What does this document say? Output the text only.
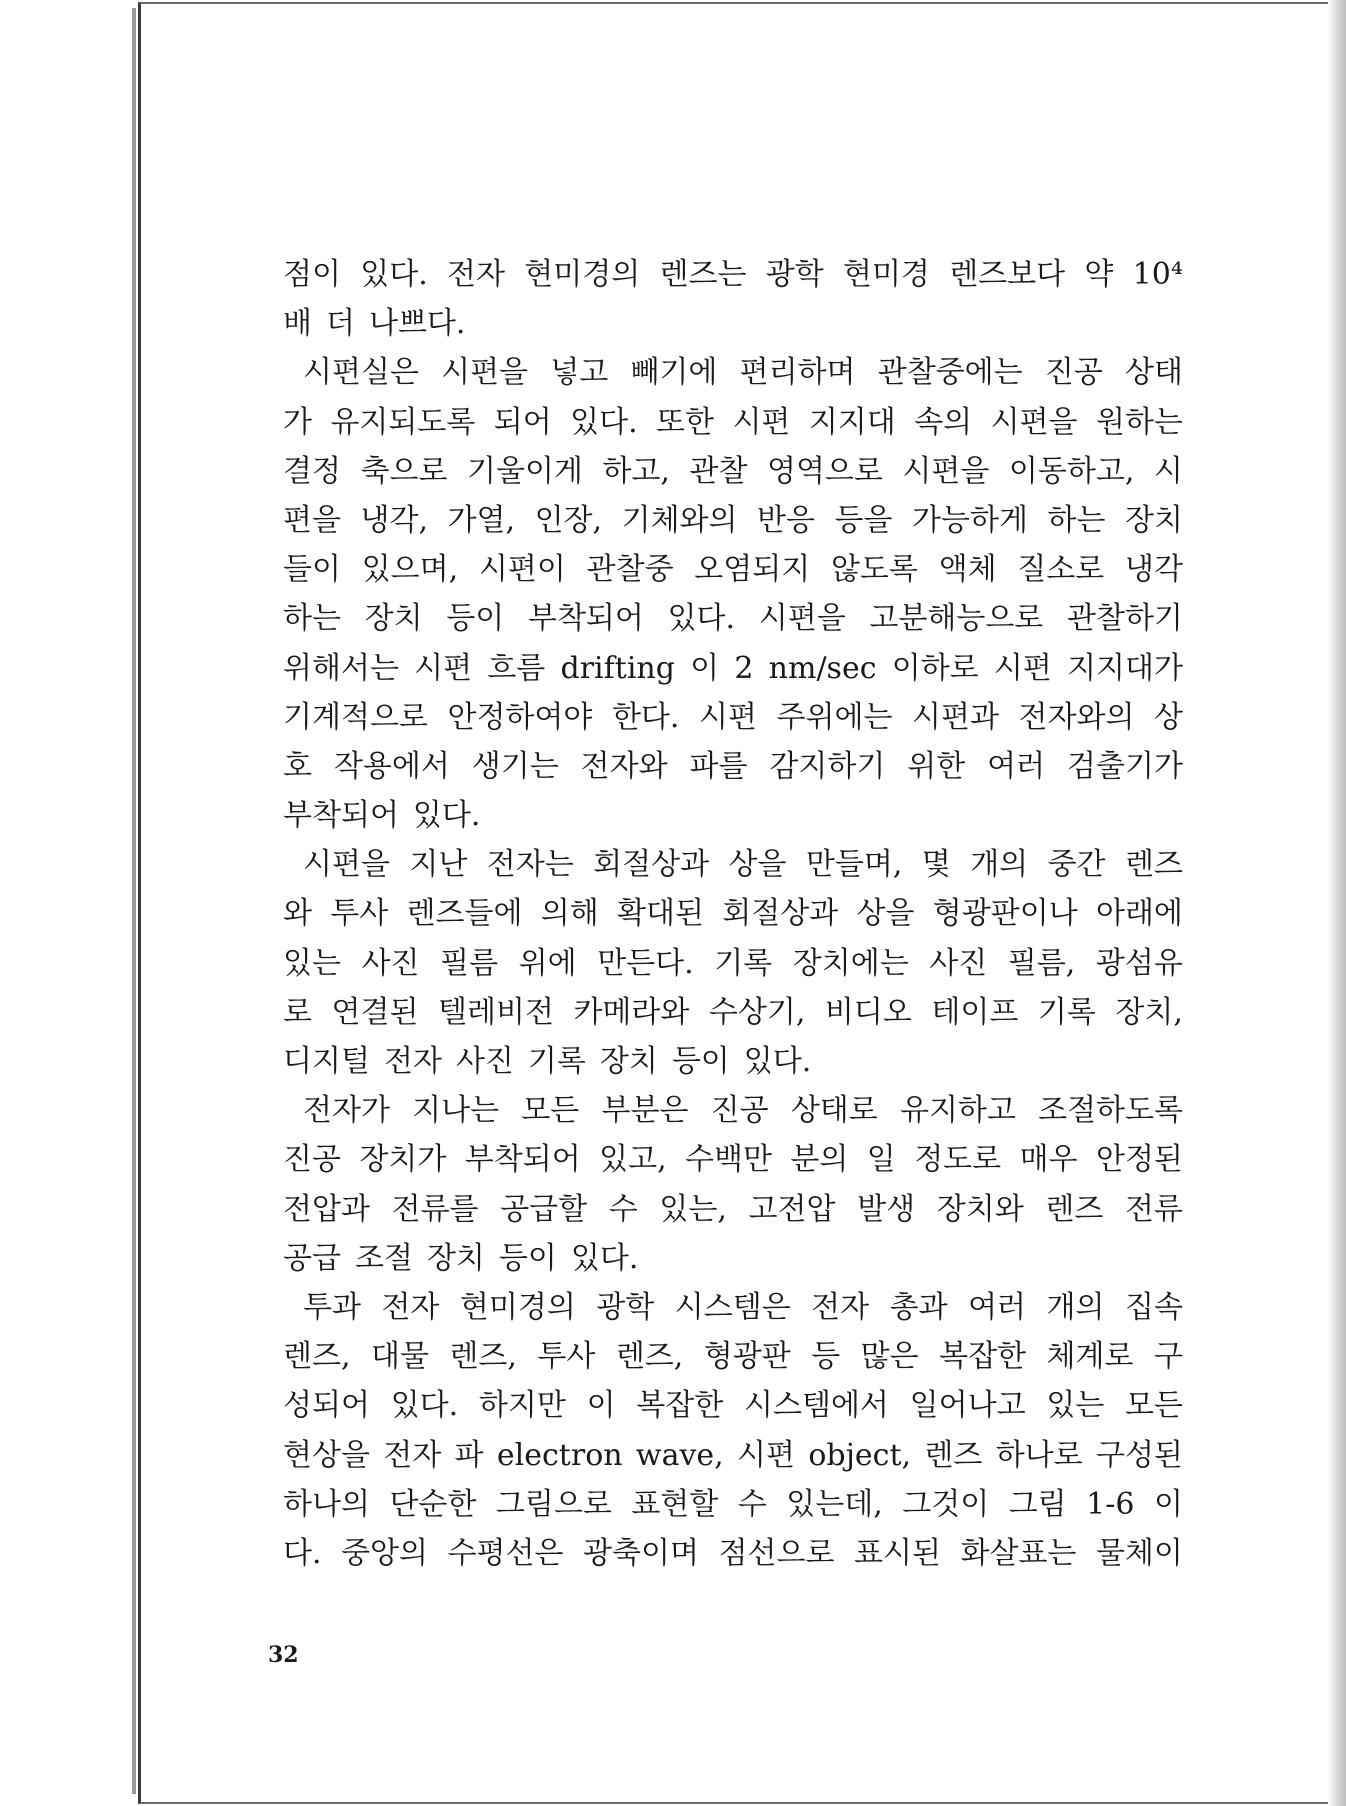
점이 있다. 전자 현미경의 렌즈는 광학 현미경 렌즈보다 약 10⁴
배 더 나쁘다.
시편실은 시편을 넣고 빼기에 편리하며 관찰중에는 진공 상태
가 유지되도록 되어 있다. 또한 시편 지지대 속의 시편을 원하는
결정 축으로 기울이게 하고, 관찰 영역으로 시편을 이동하고, 시
편을 냉각, 가열, 인장, 기체와의 반응 등을 가능하게 하는 장치
들이 있으며, 시편이 관찰중 오염되지 않도록 액체 질소로 냉각
하는 장치 등이 부착되어 있다. 시편을 고분해능으로 관찰하기
위해서는 시편 흐름 drifting 이 2 nm/sec 이하로 시편 지지대가
기계적으로 안정하여야 한다. 시편 주위에는 시편과 전자와의 상
호 작용에서 생기는 전자와 파를 감지하기 위한 여러 검출기가
부착되어 있다.
시편을 지난 전자는 회절상과 상을 만들며, 몇 개의 중간 렌즈
와 투사 렌즈들에 의해 확대된 회절상과 상을 형광판이나 아래에
있는 사진 필름 위에 만든다. 기록 장치에는 사진 필름, 광섬유
로 연결된 텔레비전 카메라와 수상기, 비디오 테이프 기록 장치,
디지털 전자 사진 기록 장치 등이 있다.
전자가 지나는 모든 부분은 진공 상태로 유지하고 조절하도록
진공 장치가 부착되어 있고, 수백만 분의 일 정도로 매우 안정된
전압과 전류를 공급할 수 있는, 고전압 발생 장치와 렌즈 전류
공급 조절 장치 등이 있다.
투과 전자 현미경의 광학 시스템은 전자 총과 여러 개의 집속
렌즈, 대물 렌즈, 투사 렌즈, 형광판 등 많은 복잡한 체계로 구
성되어 있다. 하지만 이 복잡한 시스템에서 일어나고 있는 모든
현상을 전자 파 electron wave, 시편 object, 렌즈 하나로 구성된
하나의 단순한 그림으로 표현할 수 있는데, 그것이 그림 1-6 이
다. 중앙의 수평선은 광축이며 점선으로 표시된 화살표는 물체이
32
